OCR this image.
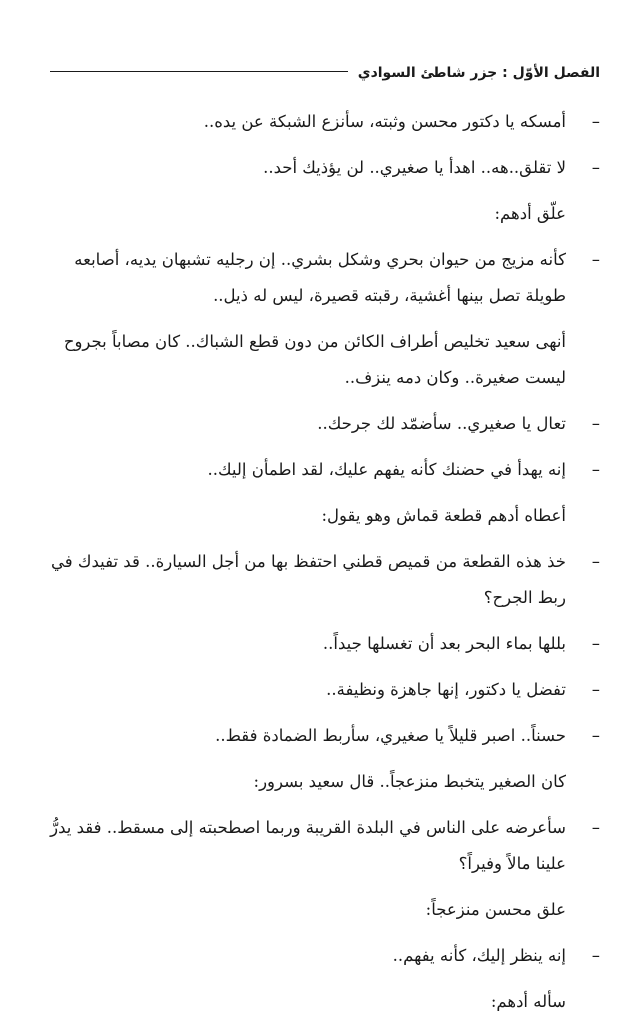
الفصل الأوّل : جزر شاطئ السوادي
–
أمسكه يا دكتور محسن وثبته، سأنزع الشبكة عن يده..
–
لا تقلق..هه.. اهدأ يا صغيري.. لن يؤذيك أحد..
علّق أدهم:
–
كأنه مزيج من حيوان بحري وشكل بشري.. إن رجليه تشبهان يديه، أصابعه طويلة تصل بينها أغشية، رقبته قصيرة، ليس له ذيل..
أنهى سعيد تخليص أطراف الكائن من دون قطع الشباك.. كان مصاباً بجروح ليست صغيرة.. وكان دمه ينزف..
–
تعال يا صغيري.. سأضمّد لك جرحك..
–
إنه يهدأ في حضنك كأنه يفهم عليك، لقد اطمأن إليك..
أعطاه أدهم قطعة قماش وهو يقول:
–
خذ هذه القطعة من قميص قطني احتفظ بها من أجل السيارة.. قد تفيدك في ربط الجرح؟
–
بللها بماء البحر بعد أن تغسلها جيداً..
–
تفضل يا دكتور، إنها جاهزة ونظيفة..
–
حسناً.. اصبر قليلاً يا صغيري، سأربط الضمادة فقط..
كان الصغير يتخبط منزعجاً.. قال سعيد بسرور:
–
سأعرضه على الناس في البلدة القريبة وربما اصطحبته إلى مسقط.. فقد يدرُّ علينا مالاً وفيراً؟
علق محسن منزعجاً:
–
إنه ينظر إليك، كأنه يفهم..
سأله أدهم:
